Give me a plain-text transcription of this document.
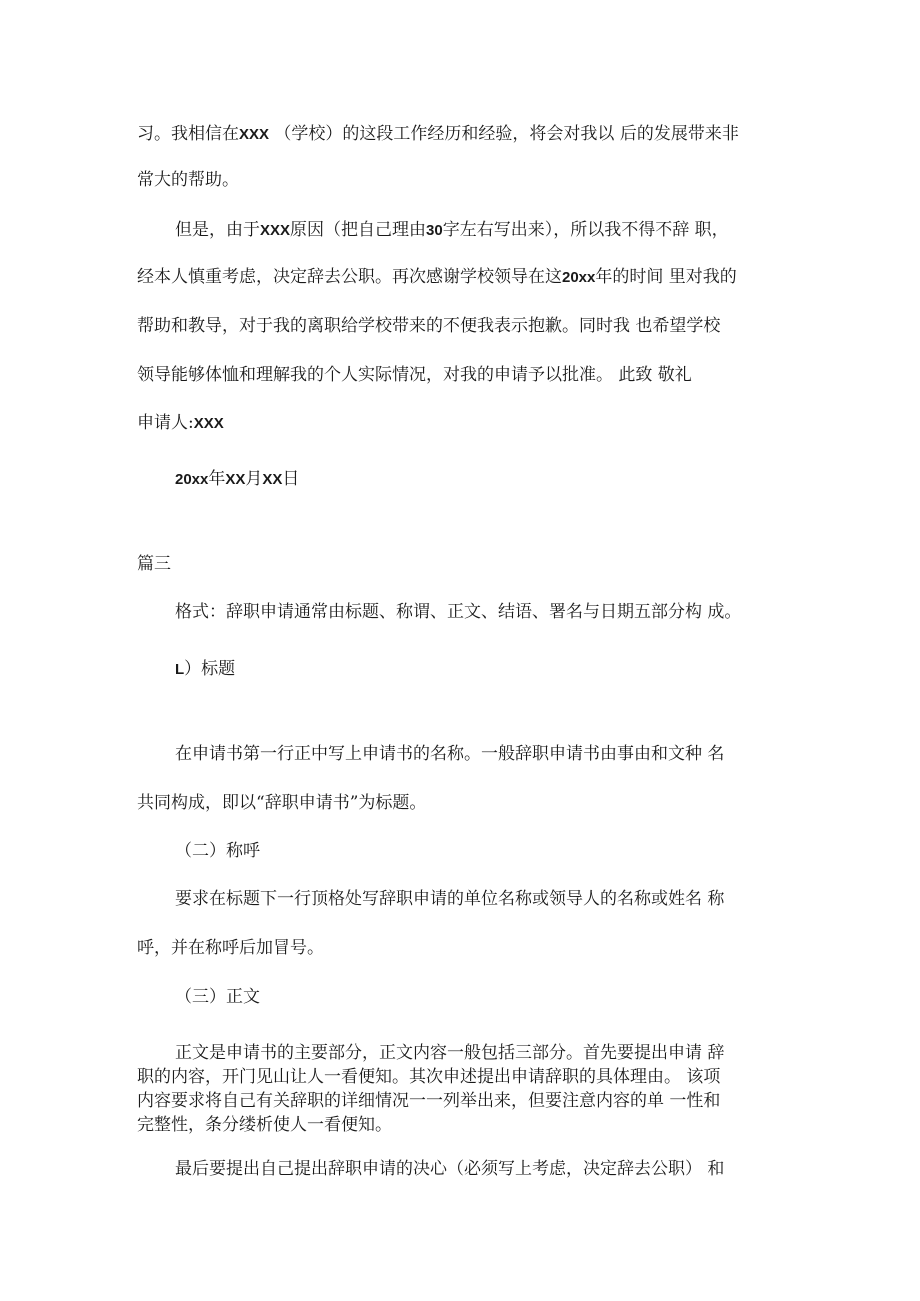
习。我相信在XXX （学校）的这段工作经历和经验，将会对我以 后的发展带来非

常大的帮助。

但是，由于XXX原因（把自己理由30字左右写出来），所以我不得不辞 职，

经本人慎重考虑，决定辞去公职。再次感谢学校领导在这20xx年的时间 里对我的

帮助和教导，对于我的离职给学校带来的不便我表示抱歉。同时我 也希望学校

领导能够体恤和理解我的个人实际情况，对我的申请予以批准。 此致 敬礼

申请人:XXX

20xx年XX月XX日

篇三

格式：辞职申请通常由标题、称谓、正文、结语、署名与日期五部分构 成。

L）标题

在申请书第一行正中写上申请书的名称。一般辞职申请书由事由和文种 名

共同构成，即以“辞职申请书”为标题。

（二）称呼

要求在标题下一行顶格处写辞职申请的单位名称或领导人的名称或姓名 称

呼，并在称呼后加冒号。

（三）正文

正文是申请书的主要部分，正文内容一般包括三部分。首先要提出申请 辞

职的内容，开门见山让人一看便知。其次申述提出申请辞职的具体理由。 该项

内容要求将自己有关辞职的详细情况一一列举出来，但要注意内容的单 一性和

完整性，条分缕析使人一看便知。

最后要提出自己提出辞职申请的决心（必须写上考虑，决定辞去公职） 和
